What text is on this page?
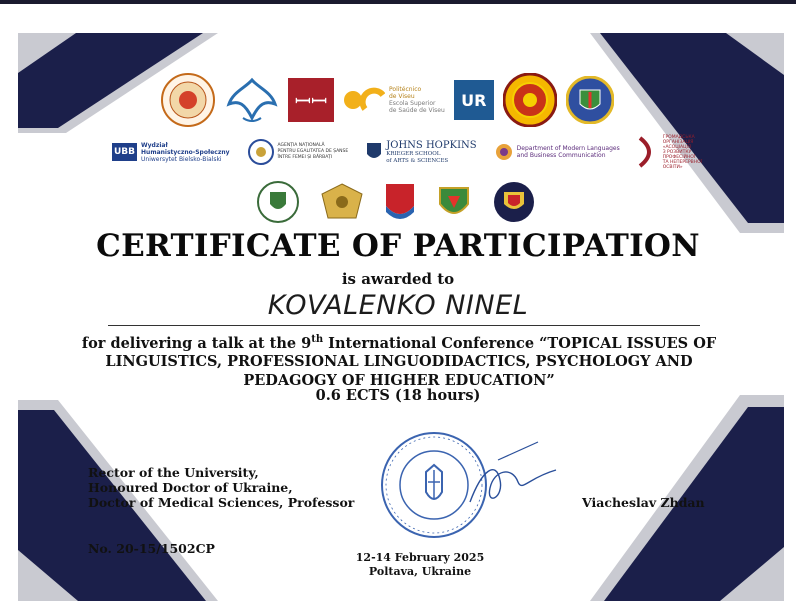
ꟷꟷ	Politécnico
de Viseu
Escola Superior
de Saúde de Viseu
UR
UBB
Wydział
Humanistyczno-Społeczny
Uniwersytet Bielsko-Bialski
AGENȚIA NAȚIONALĂ
PENTRU EGALITATEA DE ȘANSE
ÎNTRE FEMEI ȘI BĂRBAȚI
JOHNS HOPKINS
KRIEGER SCHOOL
of ARTS & SCIENCES
Department of Modern Languages
and Business Communication
ГРОМАДСЬКА
ОРГАНІЗАЦІЯ
«АСОЦІАЦІЯ
З РОЗВИТКУ
ПРОФЕСІЙНОЇ
ТА НЕПЕРЕРВНОЇ
ОСВІТИ»
CERTIFICATE OF PARTICIPATION
is awarded to
KOVALENKO NINEL
for delivering a talk at the 9th International Conference “TOPICAL ISSUES OF LINGUISTICS, PROFESSIONAL LINGUODIDACTICS, PSYCHOLOGY AND PEDAGOGY OF HIGHER EDUCATION”
0.6 ECTS (18 hours)
Rector of the University,
Honoured Doctor of Ukraine,
Doctor of Medical Sciences, Professor	Viacheslav Zhdan
No. 20-15/1502CP
12-14 February 2025
Poltava, Ukraine
